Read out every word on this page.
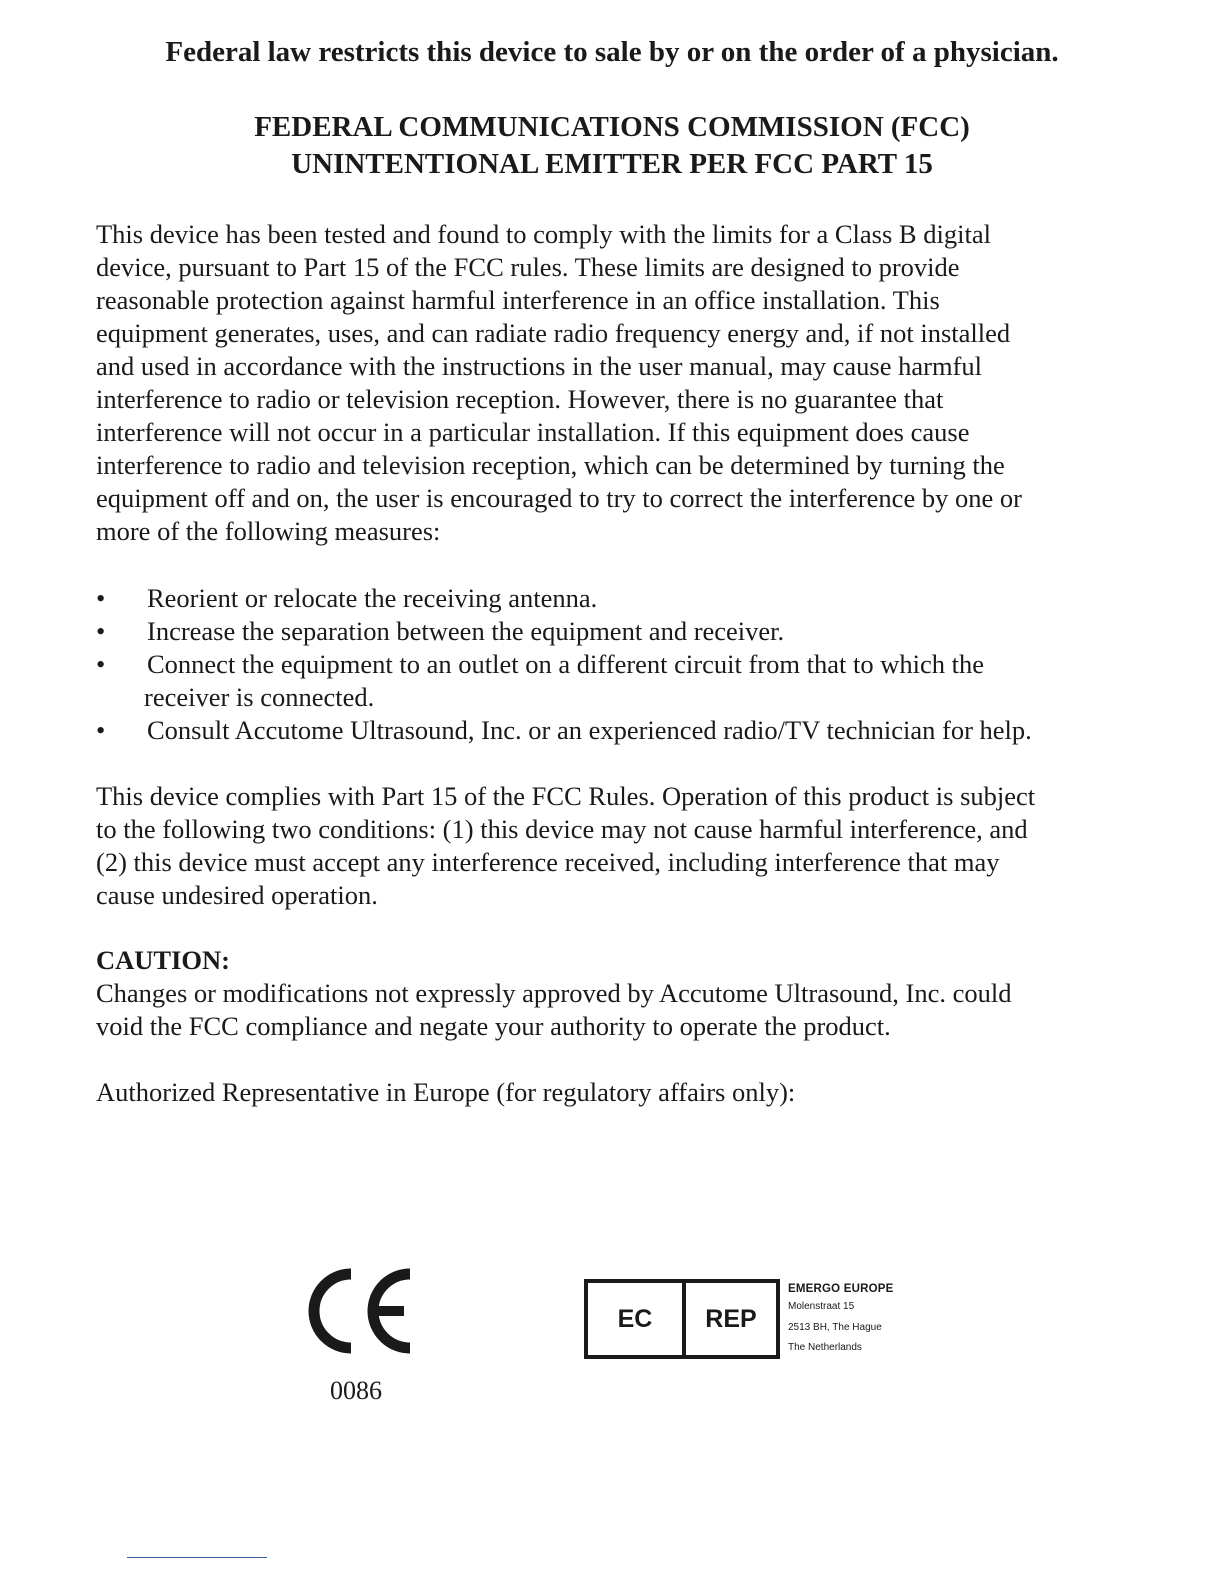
Federal law restricts this device to sale by or on the order of a physician.
FEDERAL COMMUNICATIONS COMMISSION (FCC)
UNINTENTIONAL EMITTER PER FCC PART 15
This device has been tested and found to comply with the limits for a Class B digital
device, pursuant to Part 15 of the FCC rules. These limits are designed to provide
reasonable protection against harmful interference in an office installation. This
equipment generates, uses, and can radiate radio frequency energy and, if not installed
and used in accordance with the instructions in the user manual, may cause harmful
interference to radio or television reception. However, there is no guarantee that
interference will not occur in a particular installation. If this equipment does cause
interference to radio and television reception, which can be determined by turning the
equipment off and on, the user is encouraged to try to correct the interference by one or
more of the following measures:
•	Reorient or relocate the receiving antenna.
•	Increase the separation between the equipment and receiver.
•	Connect the equipment to an outlet on a different circuit from that to which the
receiver is connected.
•	Consult Accutome Ultrasound, Inc. or an experienced radio/TV technician for help.
This device complies with Part 15 of the FCC Rules. Operation of this product is subject
to the following two conditions: (1) this device may not cause harmful interference, and
(2) this device must accept any interference received, including interference that may
cause undesired operation.
CAUTION:
Changes or modifications not expressly approved by Accutome Ultrasound, Inc. could
void the FCC compliance and negate your authority to operate the product.
Authorized Representative in Europe (for regulatory affairs only):
0086
EC	REP
EMERGO EUROPE
Molenstraat 15
2513 BH, The Hague
The Netherlands
